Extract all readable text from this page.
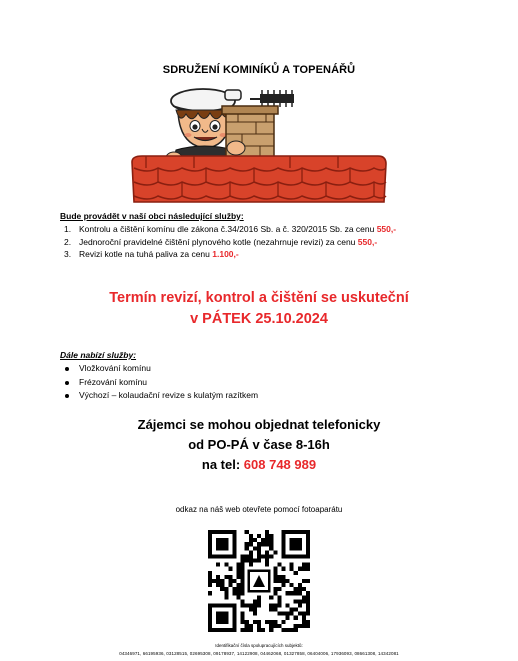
SDRUŽENÍ KOMINÍKŮ A TOPENÁŘŮ
Bude provádět v naší obci následující služby:
1. Kontrolu a čištění komínu dle zákona č.34/2016 Sb. a č. 320/2015 Sb. za cenu 550,-
2. Jednoroční pravidelné čištění plynového kotle (nezahrnuje revizi) za cenu 550,-
3. Revizi kotle na tuhá paliva za cenu 1.100,-
Termín revizí, kontrol a čištění se uskuteční
v PÁTEK 25.10.2024
Dále nabízí služby:
Vložkování komínu
Frézování komínu
Výchozí – kolaudační revize s kulatým razítkem
Zájemci se mohou objednat telefonicky
od PO-PÁ v čase 8-16h
na tel: 608 748 989
odkaz na náš web otevřete pomocí fotoaparátu
Identifikační čísla spolupracujících subjektů:
04346971, 66195936, 03128515, 02695308, 09178937, 14122908, 04462068, 01327858, 06404006, 17936093, 08661308, 14342081
